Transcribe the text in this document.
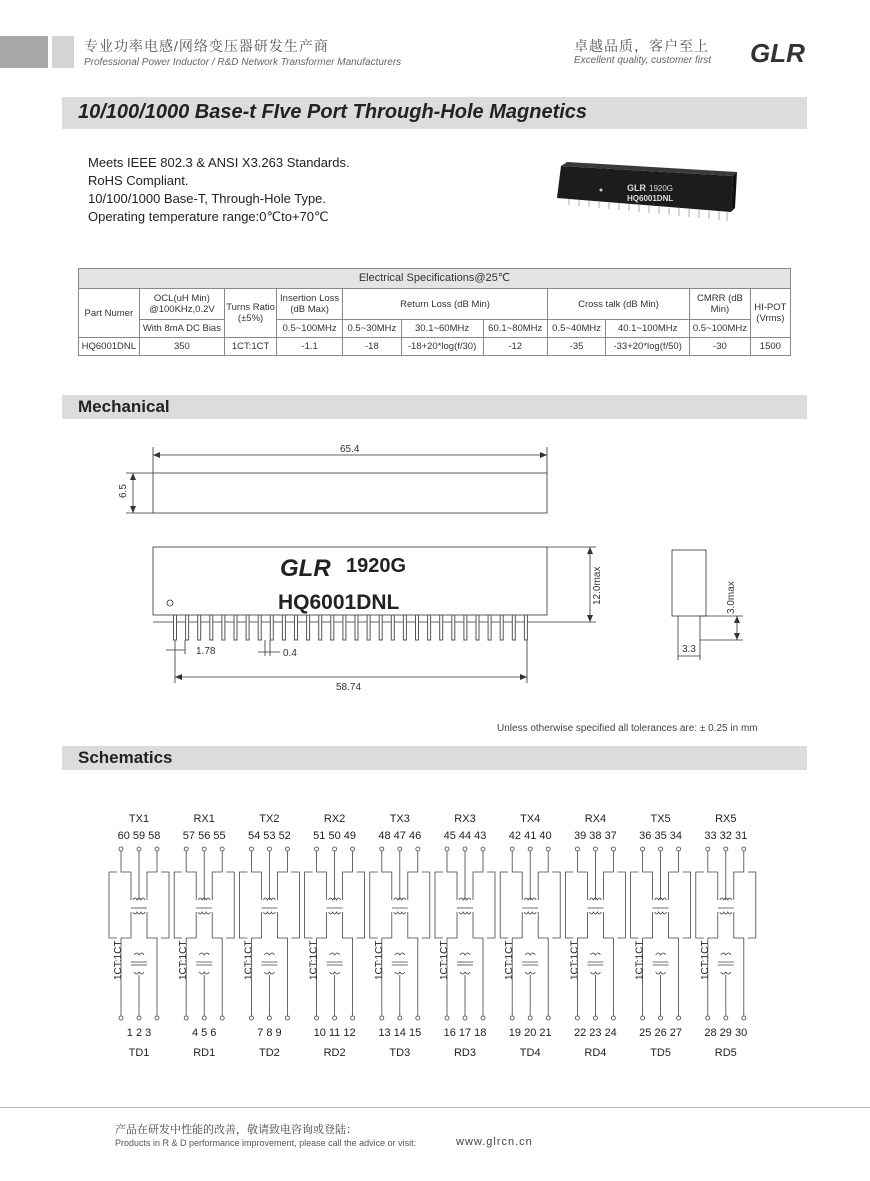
专业功率电感/网络变压器研发生产商
Professional Power Inductor / R&D Network Transformer Manufacturers
卓越品质，客户至上
Excellent quality, customer first GLR
10/100/1000 Base-t FIve Port Through-Hole Magnetics
Meets IEEE 802.3 & ANSI X3.263 Standards.
RoHS Compliant.
10/100/1000 Base-T, Through-Hole Type.
Operating temperature range:0℃to+70℃
GLR 1920G
HQ6001DNL
Electrical Specifications@25℃										
Part Numer	OCL(uH Min) @100KHz,0.2V	Turns Ratio (±5%)	Insertion Loss (dB Max)	Return Loss (dB Min)			Cross talk (dB Min)		CMRR (dB Min)	HI-POT (Vrms)
	With 8mA DC Bias		0.5~100MHz	0.5~30MHz	30.1~60MHz	60.1~80MHz	0.5~40MHz	40.1~100MHz	0.5~100MHz	
HQ6001DNL	350	1CT:1CT	-1.1	-18	-18+20*log(f/30)	-12	-35	-33+20*log(f/50)	-30	1500
Mechanical
GLR 1920G
HQ6001DNL
65.4
6.5
12.0max
1.78	0.4
58.74
3.0max
3.3
Unless otherwise specified all tolerances are: ± 0.25 in mm
Schematics
TX1
60 59 58
1 2 3
TD1
1CT:1CT
RX1
57 56 55
4 5 6
RD1
1CT:1CT
TX2
54 53 52
7 8 9
TD2
1CT:1CT
RX2
51 50 49
10 11 12
RD2
1CT:1CT
TX3
48 47 46
13 14 15
TD3
1CT:1CT
RX3
45 44 43
16 17 18
RD3
1CT:1CT
TX4
42 41 40
19 20 21
TD4
1CT:1CT
RX4
39 38 37
22 23 24
RD4
1CT:1CT
TX5
36 35 34
25 26 27
TD5
1CT:1CT
RX5
33 32 31
28 29 30
RD5
1CT:1CT
产品在研发中性能的改善，敬请致电咨询或登陆：
Products in R & D performance improvement, please call the advice or visit:	www.glrcn.cn
